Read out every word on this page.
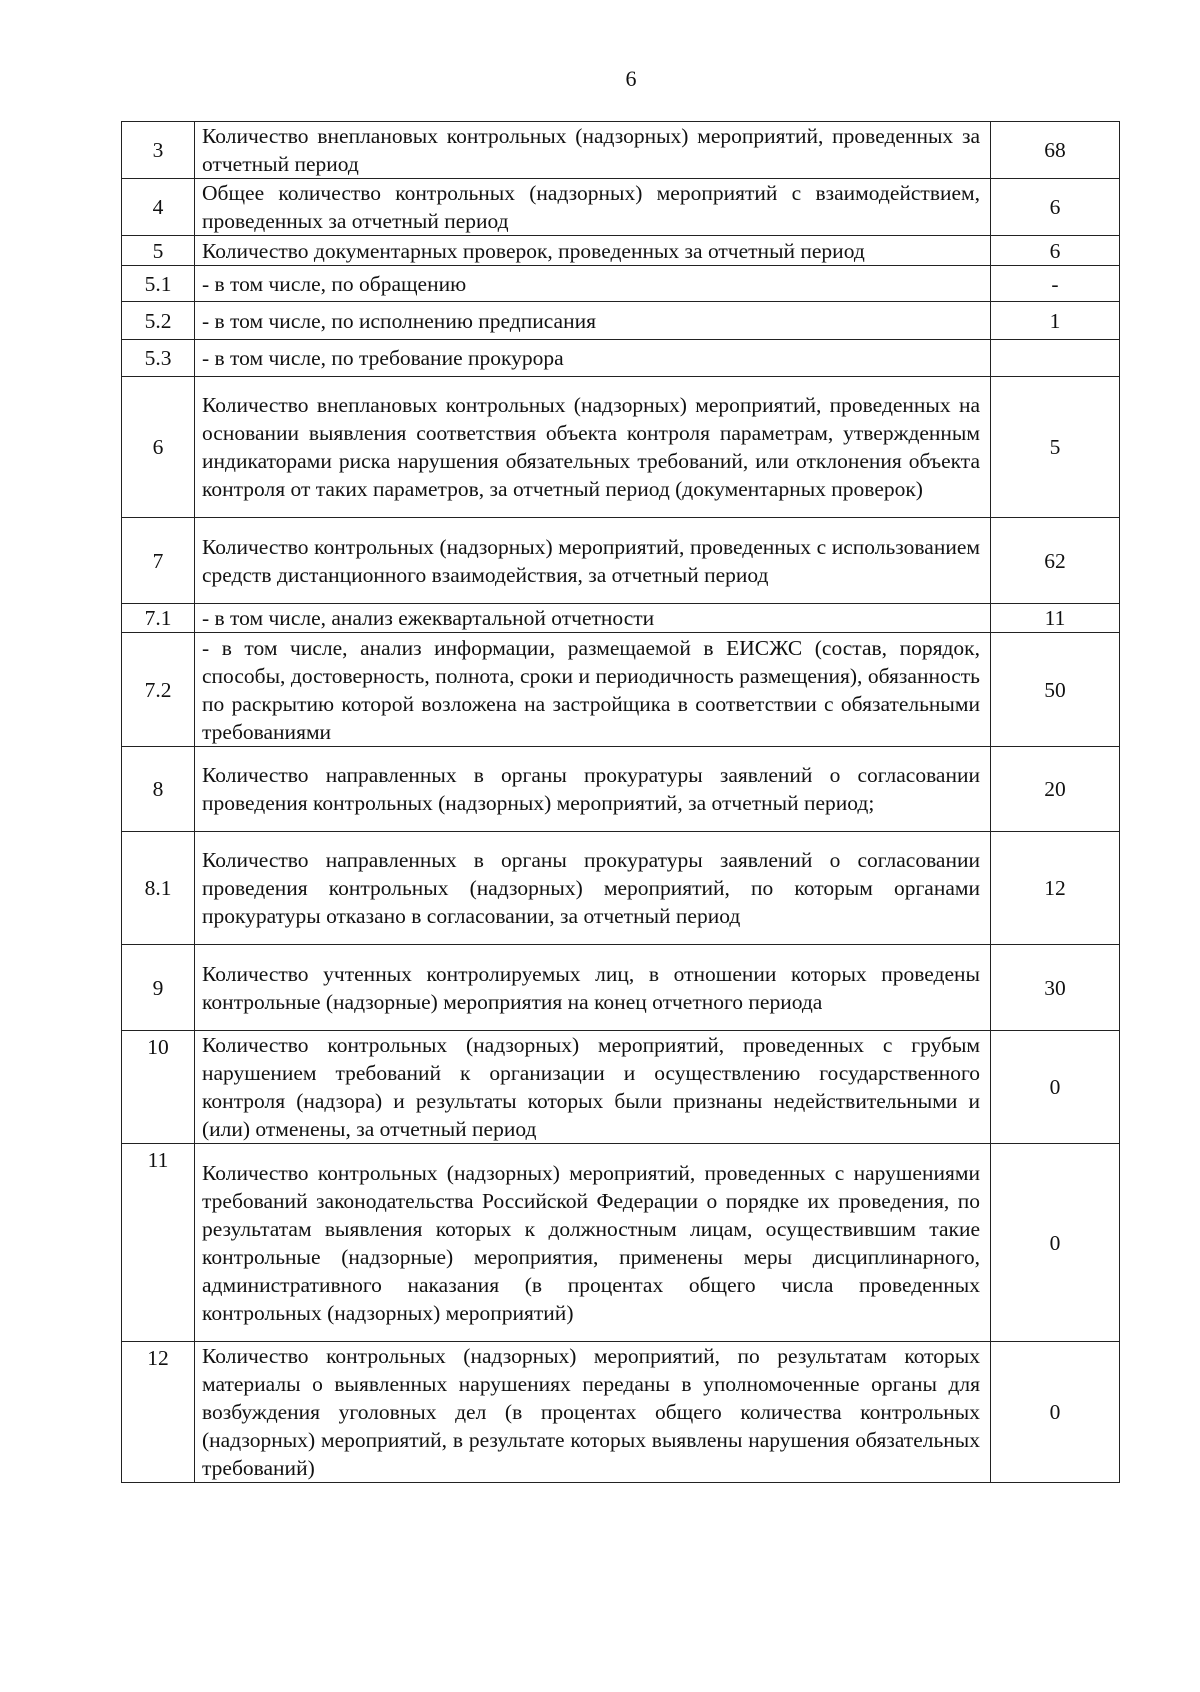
6
3	Количество внеплановых контрольных (надзорных) мероприятий, проведенных за отчетный период	68
4	Общее количество контрольных (надзорных) мероприятий с взаимодействием, проведенных за отчетный период	6
5	Количество документарных проверок, проведенных за отчетный период	6
5.1	- в том числе, по обращению	-
5.2	- в том числе, по исполнению предписания	1
5.3	- в том числе, по требование прокурора	
6	Количество внеплановых контрольных (надзорных) мероприятий, проведенных на основании выявления соответствия объекта контроля параметрам, утвержденным индикаторами риска нарушения обязательных требований, или отклонения объекта контроля от таких параметров, за отчетный период (документарных проверок)	5
7	Количество контрольных (надзорных) мероприятий, проведенных с использованием средств дистанционного взаимодействия, за отчетный период	62
7.1	- в том числе, анализ ежеквартальной отчетности	11
7.2	- в том числе, анализ информации, размещаемой в ЕИСЖС (состав, порядок, способы, достоверность, полнота, сроки и периодичность размещения), обязанность по раскрытию которой возложена на застройщика в соответствии с обязательными требованиями	50
8	Количество направленных в органы прокуратуры заявлений о согласовании проведения контрольных (надзорных) мероприятий, за отчетный период;	20
8.1	Количество направленных в органы прокуратуры заявлений о согласовании проведения контрольных (надзорных) мероприятий, по которым органами прокуратуры отказано в согласовании, за отчетный период	12
9	Количество учтенных контролируемых лиц, в отношении которых проведены контрольные (надзорные) мероприятия на конец отчетного периода	30
10	Количество контрольных (надзорных) мероприятий, проведенных с грубым нарушением требований к организации и осуществлению государственного контроля (надзора) и результаты которых были признаны недействительными и (или) отменены, за отчетный период	0
11	Количество контрольных (надзорных) мероприятий, проведенных с нарушениями требований законодательства Российской Федерации о порядке их проведения, по результатам выявления которых к должностным лицам, осуществившим такие контрольные (надзорные) мероприятия, применены меры дисциплинарного, административного наказания (в процентах общего числа проведенных контрольных (надзорных) мероприятий)	0
12	Количество контрольных (надзорных) мероприятий, по результатам которых материалы о выявленных нарушениях переданы в уполномоченные органы для возбуждения уголовных дел (в процентах общего количества контрольных (надзорных) мероприятий, в результате которых выявлены нарушения обязательных требований)	0
